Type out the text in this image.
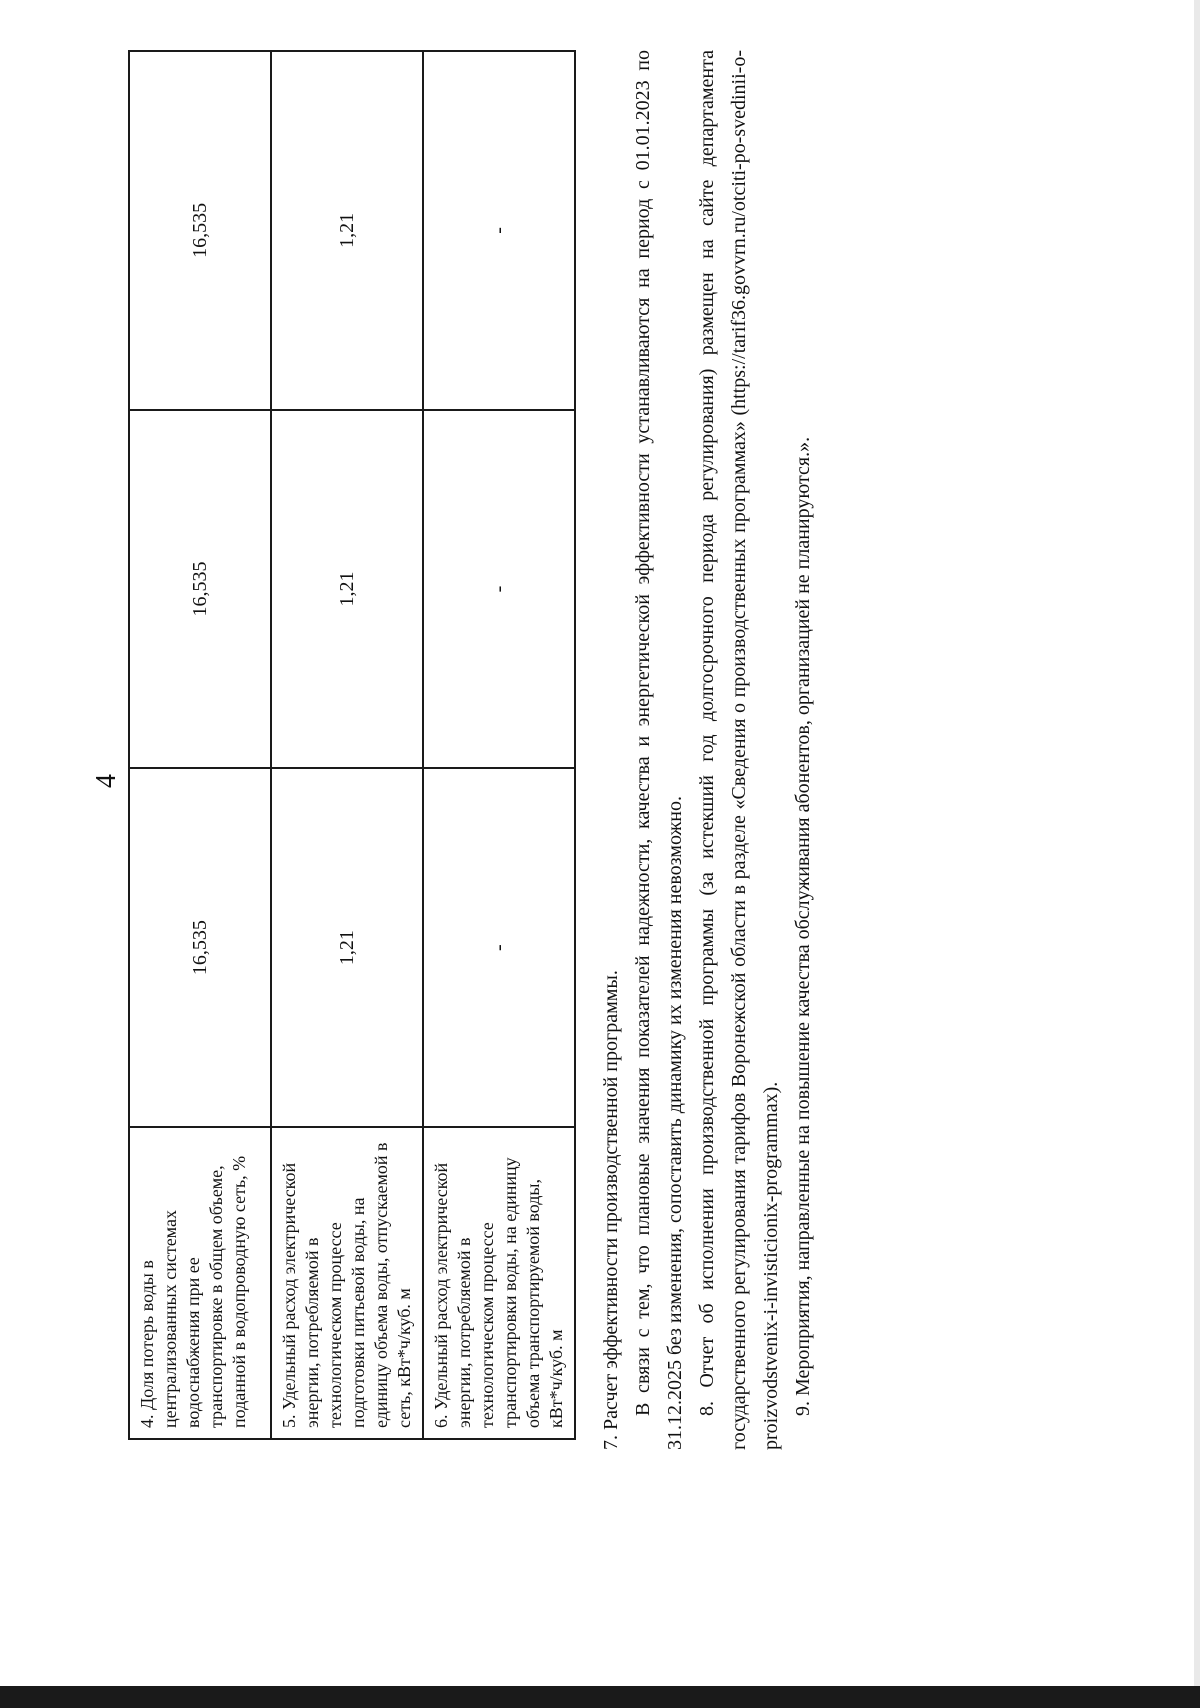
4
4. Доля потерь воды в централизованных системах водоснабжения при ее транспортировке в общем объеме, поданной в водопроводную сеть, %	16,535	16,535	16,535
5. Удельный расход электрической энергии, потребляемой в технологическом процессе подготовки питьевой воды, на единицу объема воды, отпускаемой в сеть, кВт*ч/куб. м	1,21	1,21	1,21
6. Удельный расход электрической энергии, потребляемой в технологическом процессе транспортировки воды, на единицу объема транспортируемой воды, кВт*ч/куб. м	-	-	-

7. Расчет эффективности производственной программы. В связи с тем, что плановые значения показателей надежности, качества и энергетической эффективности устанавливаются на период с 01.01.2023 по 31.12.2025 без изменения, сопоставить динамику их изменения невозможно. 8. Отчет об исполнении производственной программы (за истекший год долгосрочного периода регулирования) размещен на сайте департамента государственного регулирования тарифов Воронежской области в разделе «Сведения о производственных программах» (https://tarif36.govvrn.ru/otciti-po-svedinii-o-proizvodstvenix-i-invisticionix-programmax). 9. Мероприятия, направленные на повышение качества обслуживания абонентов, организацией не планируются.».
